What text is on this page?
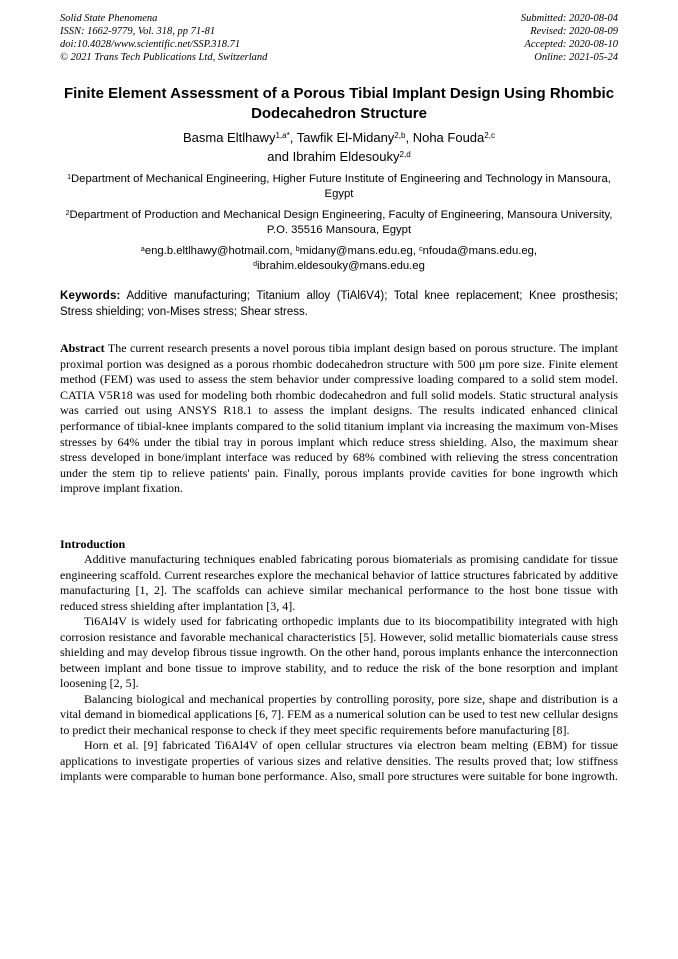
Solid State Phenomena
ISSN: 1662-9779, Vol. 318, pp 71-81
doi:10.4028/www.scientific.net/SSP.318.71
© 2021 Trans Tech Publications Ltd, Switzerland
Submitted: 2020-08-04
Revised: 2020-08-09
Accepted: 2020-08-10
Online: 2021-05-24
Finite Element Assessment of a Porous Tibial Implant Design Using Rhombic Dodecahedron Structure
Basma Eltlhawy$^{1,a*}$, Tawfik El-Midany$^{2,b}$, Noha Fouda$^{2,c}$
and Ibrahim Eldesouky$^{2,d}$
$^1$Department of Mechanical Engineering, Higher Future Institute of Engineering and Technology in Mansoura, Egypt
$^2$Department of Production and Mechanical Design Engineering, Faculty of Engineering, Mansoura University, P.O. 35516 Mansoura, Egypt
$^a$eng.b.eltlhawy@hotmail.com, $^b$midany@mans.edu.eg, $^c$nfouda@mans.edu.eg,
$^d$ibrahim.eldesouky@mans.edu.eg

Keywords: Additive manufacturing; Titanium alloy (TiAl6V4); Total knee replacement; Knee prosthesis; Stress shielding; von-Mises stress; Shear stress.

Abstract The current research presents a novel porous tibia implant design based on porous structure. The implant proximal portion was designed as a porous rhombic dodecahedron structure with 500 μm pore size. Finite element method (FEM) was used to assess the stem behavior under compressive loading compared to a solid stem model. CATIA V5R18 was used for modeling both rhombic dodecahedron and full solid models. Static structural analysis was carried out using ANSYS R18.1 to assess the implant designs. The results indicated enhanced clinical performance of tibial-knee implants compared to the solid titanium implant via increasing the maximum von-Mises stresses by 64% under the tibial tray in porous implant which reduce stress shielding. Also, the maximum shear stress developed in bone/implant interface was reduced by 68% combined with relieving the stress concentration under the stem tip to relieve patients' pain. Finally, porous implants provide cavities for bone ingrowth which improve implant fixation.

Introduction

Additive manufacturing techniques enabled fabricating porous biomaterials as promising candidate for tissue engineering scaffold. Current researches explore the mechanical behavior of lattice structures fabricated by additive manufacturing [1, 2]. The scaffolds can achieve similar mechanical performance to the host bone tissue with reduced stress shielding after implantation [3, 4].

Ti6Al4V is widely used for fabricating orthopedic implants due to its biocompatibility integrated with high corrosion resistance and favorable mechanical characteristics [5]. However, solid metallic biomaterials cause stress shielding and may develop fibrous tissue ingrowth. On the other hand, porous implants enhance the interconnection between implant and bone tissue to improve stability, and to reduce the risk of the bone resorption and implant loosening [2, 5].

Balancing biological and mechanical properties by controlling porosity, pore size, shape and distribution is a vital demand in biomedical applications [6, 7]. FEM as a numerical solution can be used to test new cellular designs to predict their mechanical response to check if they meet specific requirements before manufacturing [8].

Horn et al. [9] fabricated Ti6Al4V of open cellular structures via electron beam melting (EBM) for tissue applications to investigate properties of various sizes and relative densities. The results proved that; low stiffness implants were comparable to human bone performance. Also, small pore structures were suitable for bone ingrowth.
